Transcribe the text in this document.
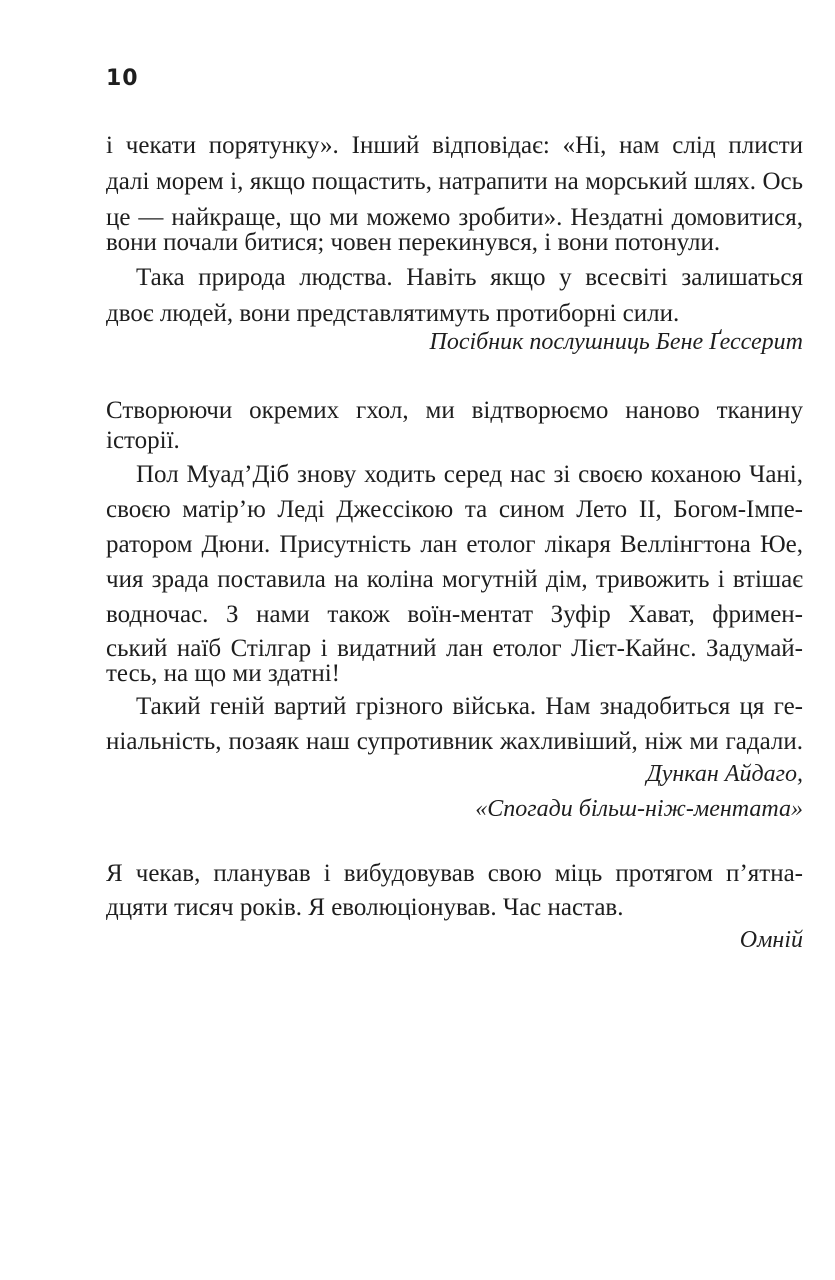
10
і чекати порятунку». Інший відповідає: «Ні, нам слід плисти
далі морем і, якщо пощастить, натрапити на морський шлях. Ось
це — найкраще, що ми можемо зробити». Нездатні домовитися,
вони почали битися; човен перекинувся, і вони потонули.
Така природа людства. Навіть якщо у всесвіті залишаться
двоє людей, вони представлятимуть протиборні сили.
Посібник послушниць Бене Ґессерит
Створюючи окремих гхол, ми відтворюємо наново тканину
історії.
Пол Муад’Діб знову ходить серед нас зі своєю коханою Чані,
своєю матір’ю Леді Джессікою та сином Лето II, Богом-Імпе-
ратором Дюни. Присутність лан етолог лікаря Веллінгтона Юе,
чия зрада поставила на коліна могутній дім, тривожить і втішає
водночас. З нами також воїн-ментат Зуфір Хават, фримен-
ський наїб Стілгар і видатний лан етолог Лієт-Кайнс. Задумай-
тесь, на що ми здатні!
Такий геній вартий грізного війська. Нам знадобиться ця ге-
ніальність, позаяк наш супротивник жахливіший, ніж ми гадали.
Дункан Айдаго,
«Спогади більш-ніж-ментата»
Я чекав, планував і вибудовував свою міць протягом п’ятна-
дцяти тисяч років. Я еволюціонував. Час настав.
Омній
